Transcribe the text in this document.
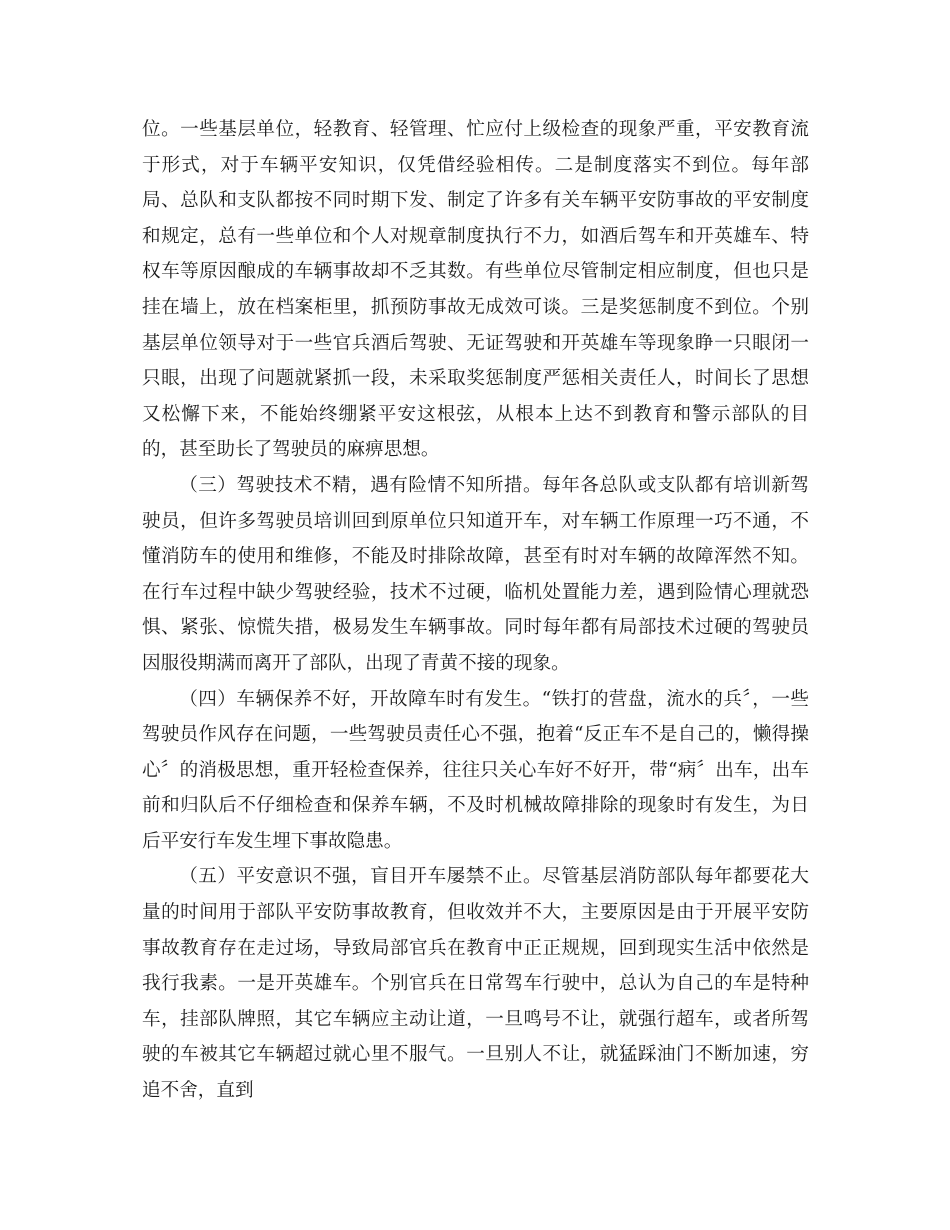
位。一些基层单位，轻教育、轻管理、忙应付上级检查的现象严重，平安教育流于形式，对于车辆平安知识，仅凭借经验相传。二是制度落实不到位。每年部局、总队和支队都按不同时期下发、制定了许多有关车辆平安防事故的平安制度和规定，总有一些单位和个人对规章制度执行不力，如酒后驾车和开英雄车、特权车等原因酿成的车辆事故却不乏其数。有些单位尽管制定相应制度，但也只是挂在墙上，放在档案柜里，抓预防事故无成效可谈。三是奖惩制度不到位。个别基层单位领导对于一些官兵酒后驾驶、无证驾驶和开英雄车等现象睁一只眼闭一只眼，出现了问题就紧抓一段，未采取奖惩制度严惩相关责任人，时间长了思想又松懈下来，不能始终绷紧平安这根弦，从根本上达不到教育和警示部队的目的，甚至助长了驾驶员的麻痹思想。

（三）驾驶技术不精，遇有险情不知所措。每年各总队或支队都有培训新驾驶员，但许多驾驶员培训回到原单位只知道开车，对车辆工作原理一巧不通，不懂消防车的使用和维修，不能及时排除故障，甚至有时对车辆的故障浑然不知。在行车过程中缺少驾驶经验，技术不过硬，临机处置能力差，遇到险情心理就恐惧、紧张、惊慌失措，极易发生车辆事故。同时每年都有局部技术过硬的驾驶员因服役期满而离开了部队，出现了青黄不接的现象。

（四）车辆保养不好，开故障车时有发生。“铁打的营盘，流水的兵〞，一些驾驶员作风存在问题，一些驾驶员责任心不强，抱着“反正车不是自己的，懒得操心〞的消极思想，重开轻检查保养，往往只关心车好不好开，带“病〞出车，出车前和归队后不仔细检查和保养车辆，不及时机械故障排除的现象时有发生，为日后平安行车发生埋下事故隐患。

（五）平安意识不强，盲目开车屡禁不止。尽管基层消防部队每年都要花大量的时间用于部队平安防事故教育，但收效并不大，主要原因是由于开展平安防事故教育存在走过场，导致局部官兵在教育中正正规规，回到现实生活中依然是我行我素。一是开英雄车。个别官兵在日常驾车行驶中，总认为自己的车是特种车，挂部队牌照，其它车辆应主动让道，一旦鸣号不让，就强行超车，或者所驾驶的车被其它车辆超过就心里不服气。一旦别人不让，就猛踩油门不断加速，穷追不舍，直到
